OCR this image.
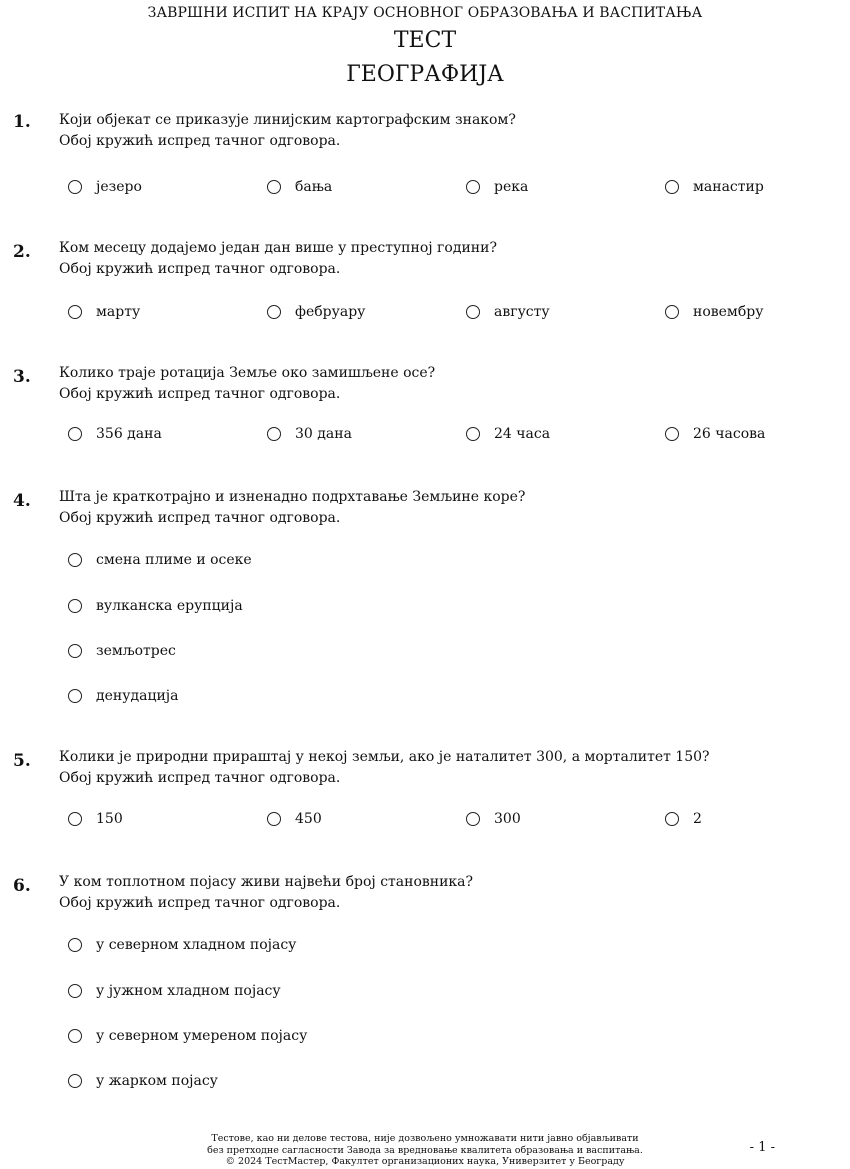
ЗАВРШНИ ИСПИТ НА КРАЈУ ОСНОВНОГ ОБРАЗОВАЊА И ВАСПИТАЊА
ТЕСТ
ГЕОГРАФИЈА
1. Који објекат се приказује линијским картографским знаком?
Обој кружић испред тачног одговора.
језеро	бања	река	манастир
2. Ком месецу додајемо један дан више у преступној години?
Обој кружић испред тачног одговора.
марту	фебруару	августу	новембру
3. Колико траје ротација Земље око замишљене осе?
Обој кружић испред тачног одговора.
356 дана	30 дана	24 часа	26 часова
4. Шта је краткотрајно и изненадно подрхтавање Земљине коре?
Обој кружић испред тачног одговора.
смена плиме и осеке
вулканска ерупција
земљотрес
денудација
5. Колики је природни прираштај у некој земљи, ако је наталитет 300, а морталитет 150?
Обој кружић испред тачног одговора.
150	450	300	2
6. У ком топлотном појасу живи највећи број становника?
Обој кружић испред тачног одговора.
у северном хладном појасу
у јужном хладном појасу
у северном умереном појасу
у жарком појасу
Тестове, као ни делове тестова, није дозвољено умножавати нити јавно објављивати
без претходне сагласности Завода за вредновање квалитета образовања и васпитања.
© 2024 ТестМастер, Факултет организационих наука, Универзитет у Београду
- 1 -
